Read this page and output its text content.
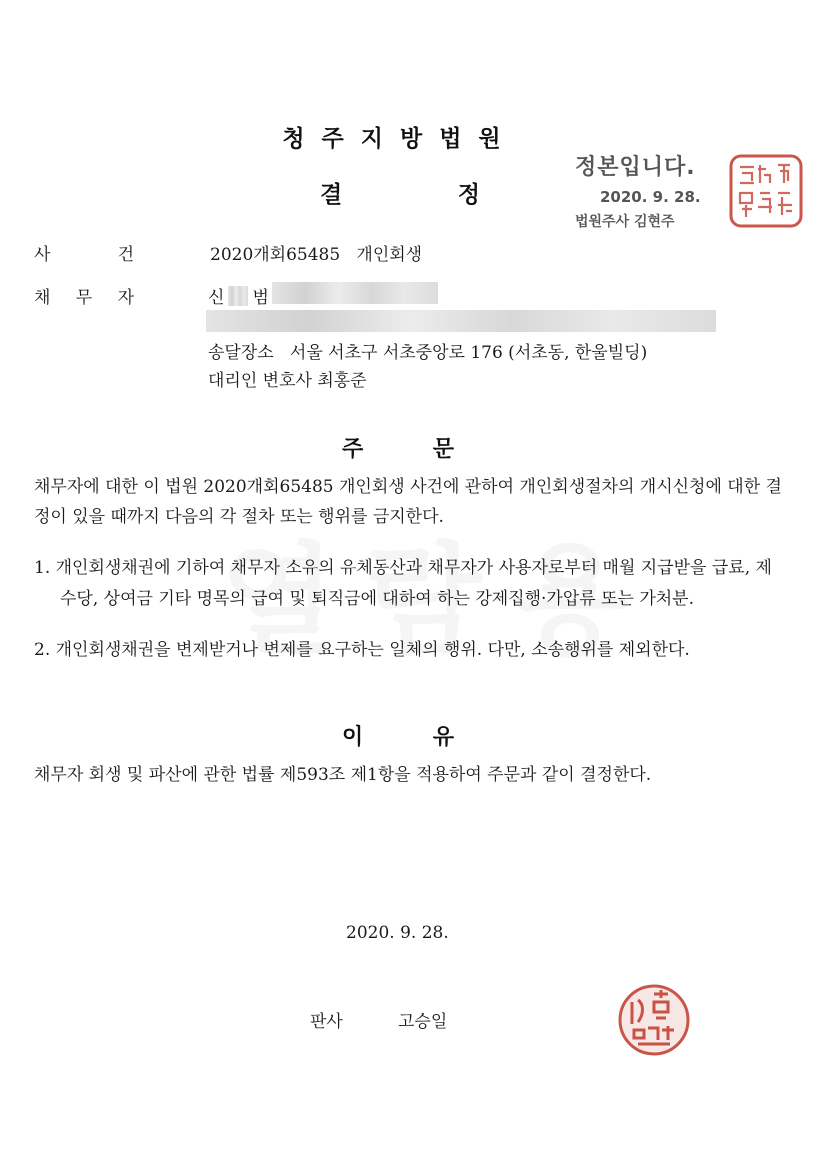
청주지방법원
결	정
정본입니다.
2020. 9. 28.
법원주사 김현주
사	건	2020개회65485   개인회생
채 무 자	신 범
송달장소   서울 서초구 서초중앙로 176 (서초동, 한울빌딩)
대리인 변호사 최홍준
주	문
채무자에 대한 이 법원 2020개회65485 개인회생 사건에 관하여 개인회생절차의 개시신청에 대한 결정이 있을 때까지 다음의 각 절차 또는 행위를 금지한다.
1. 개인회생채권에 기하여 채무자 소유의 유체동산과 채무자가 사용자로부터 매월 지급받을 급료, 제수당, 상여금 기타 명목의 급여 및 퇴직금에 대하여 하는 강제집행·가압류 또는 가처분.
2. 개인회생채권을 변제받거나 변제를 요구하는 일체의 행위. 다만, 소송행위를 제외한다.
이	유
채무자 회생 및 파산에 관한 법률 제593조 제1항을 적용하여 주문과 같이 결정한다.
2020. 9. 28.
판사	고승일
